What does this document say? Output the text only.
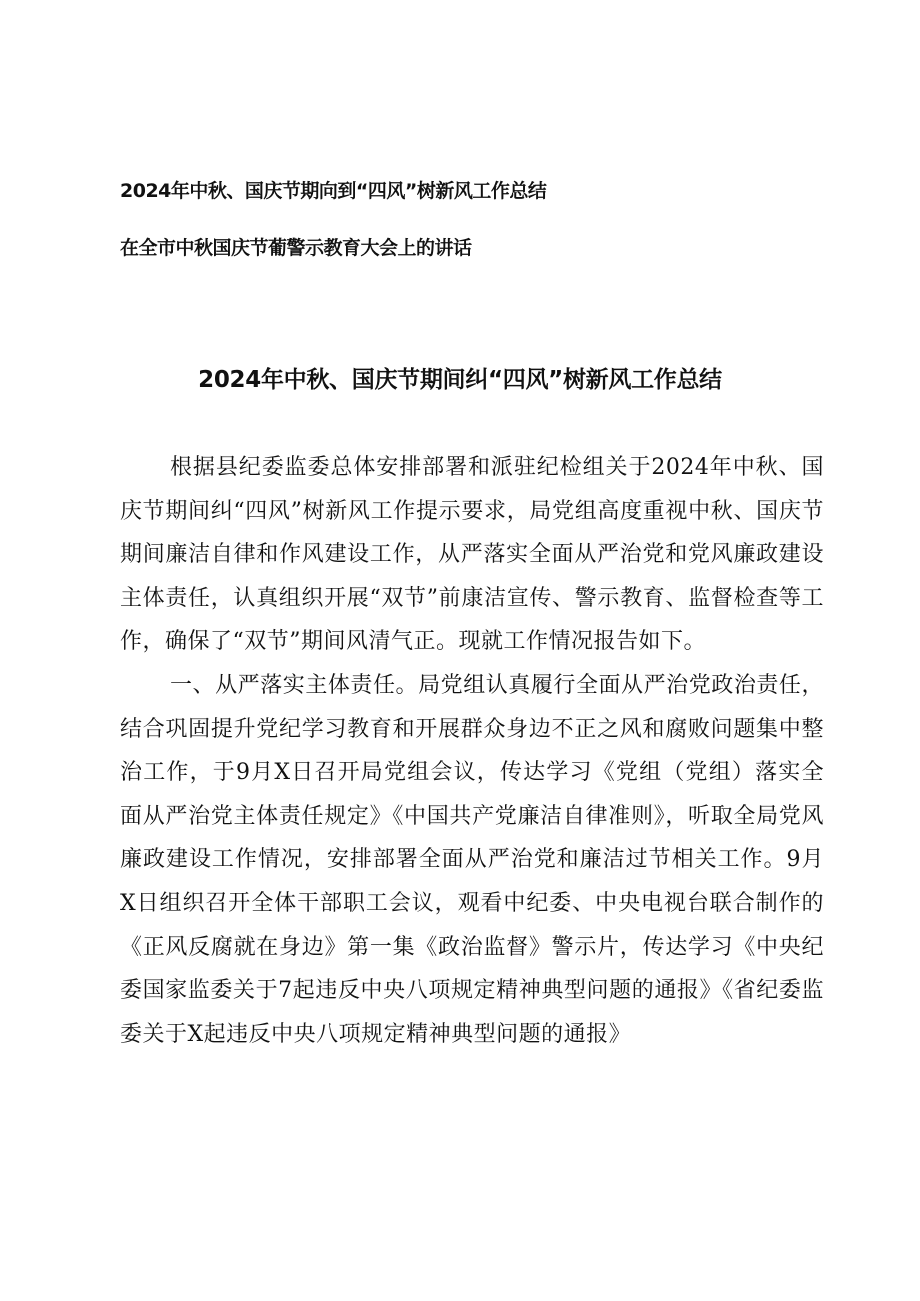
2024年中秋、国庆节期向到“四风”树新风工作总结

在全市中秋国庆节葡警示教育大会上的讲话

2024年中秋、国庆节期间纠“四风”树新风工作总结

根据县纪委监委总体安排部署和派驻纪检组关于2024年中秋、国庆节期间纠“四风”树新风工作提示要求，局党组高度重视中秋、国庆节期间廉洁自律和作风建设工作，从严落实全面从严治党和党风廉政建设主体责任，认真组织开展“双节”前康洁宣传、警示教育、监督检查等工作，确保了“双节”期间风清气正。现就工作情况报告如下。

一、从严落实主体责任。局党组认真履行全面从严治党政治责任，结合巩固提升党纪学习教育和开展群众身边不正之风和腐败问题集中整治工作，于9月X日召开局党组会议，传达学习《党组（党组）落实全面从严治党主体责任规定》《中国共产党廉洁自律准则》，听取全局党风廉政建设工作情况，安排部署全面从严治党和廉洁过节相关工作。9月X日组织召开全体干部职工会议，观看中纪委、中央电视台联合制作的《正风反腐就在身边》第一集《政治监督》警示片，传达学习《中央纪委国家监委关于7起违反中央八项规定精神典型问题的通报》《省纪委监委关于X起违反中央八项规定精神典型问题的通报》
